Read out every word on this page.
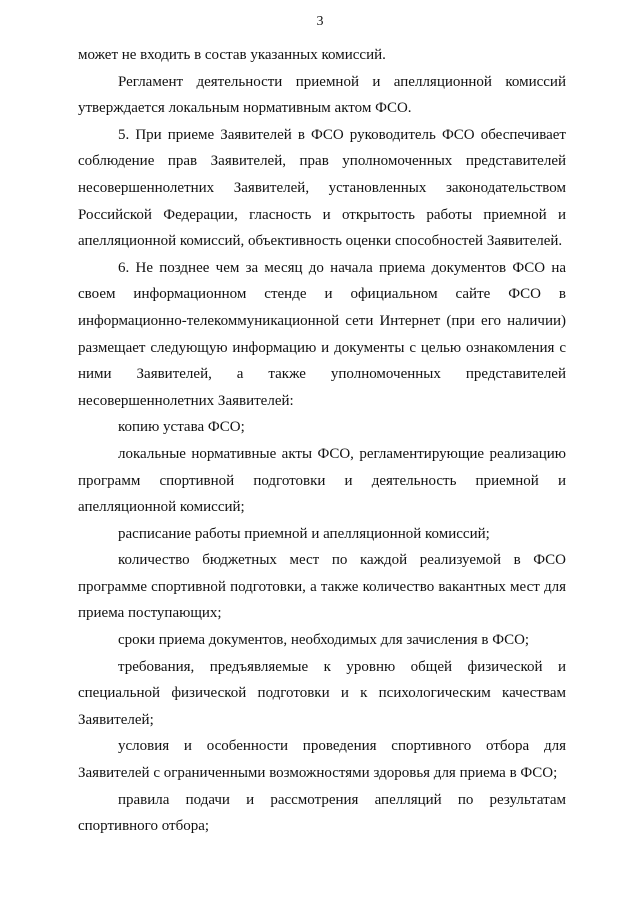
3

может не входить в состав указанных комиссий.

Регламент деятельности приемной и апелляционной комиссий утверждается локальным нормативным актом ФСО.

5. При приеме Заявителей в ФСО руководитель ФСО обеспечивает соблюдение прав Заявителей, прав уполномоченных представителей несовершеннолетних Заявителей, установленных законодательством Российской Федерации, гласность и открытость работы приемной и апелляционной комиссий, объективность оценки способностей Заявителей.

6. Не позднее чем за месяц до начала приема документов ФСО на своем информационном стенде и официальном сайте ФСО в информационно-телекоммуникационной сети Интернет (при его наличии) размещает следующую информацию и документы с целью ознакомления с ними Заявителей, а также уполномоченных представителей несовершеннолетних Заявителей:

копию устава ФСО;

локальные нормативные акты ФСО, регламентирующие реализацию программ спортивной подготовки и деятельность приемной и апелляционной комиссий;

расписание работы приемной и апелляционной комиссий;

количество бюджетных мест по каждой реализуемой в ФСО программе спортивной подготовки, а также количество вакантных мест для приема поступающих;

сроки приема документов, необходимых для зачисления в ФСО;

требования, предъявляемые к уровню общей физической и специальной физической подготовки и к психологическим качествам Заявителей;

условия и особенности проведения спортивного отбора для Заявителей с ограниченными возможностями здоровья для приема в ФСО;

правила подачи и рассмотрения апелляций по результатам спортивного отбора;
